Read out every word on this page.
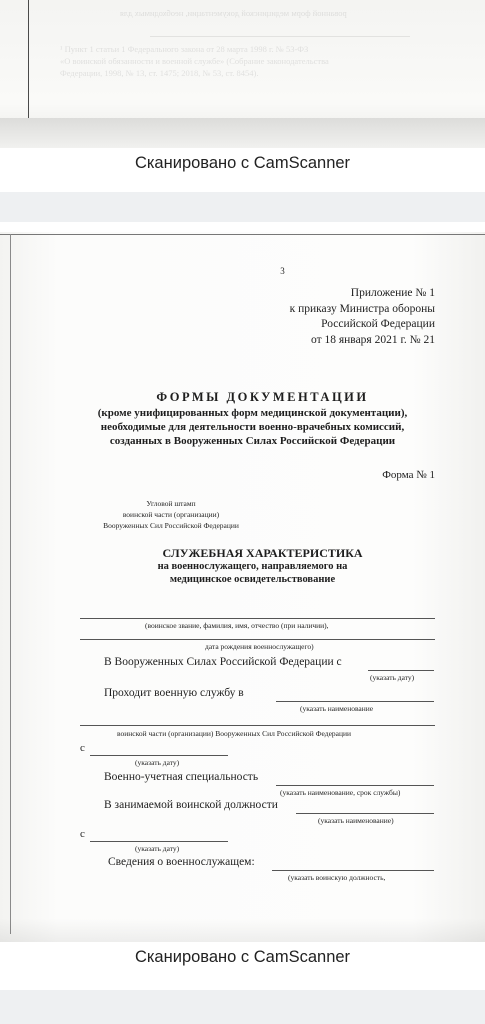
рованной форм медицинской документации, необходимых для
¹ Пункт 1 статьи 1 Федерального закона от 28 марта 1998 г. № 53-ФЗ
«О воинской обязанности и военной службе» (Собрание законодательства
Федерации, 1998, № 13, ст. 1475; 2018, № 53, ст. 8454).
Сканировано с CamScanner
3
Приложение № 1
к приказу Министра обороны
Российской Федерации
от 18 января 2021 г. № 21
ФОРМЫ ДОКУМЕНТАЦИИ
(кроме унифицированных форм медицинской документации),
необходимые для деятельности военно-врачебных комиссий,
созданных в Вооруженных Силах Российской Федерации
Форма № 1
Угловой штамп
воинской части (организации)
Вооруженных Сил Российской Федерации
СЛУЖЕБНАЯ ХАРАКТЕРИСТИКА
на военнослужащего, направляемого на
медицинское освидетельствование
(воинское звание, фамилия, имя, отчество (при наличии),
дата рождения военнослужащего)
В Вооруженных Силах Российской Федерации с
(указать дату)
Проходит военную службу в
(указать наименование
воинской части (организации) Вооруженных Сил Российской Федерации
с
(указать дату)
Военно-учетная специальность
(указать наименование, срок службы)
В занимаемой воинской должности
(указать наименование)
с
(указать дату)
Сведения о военнослужащем:
(указать воинскую должность,
Сканировано с CamScanner
